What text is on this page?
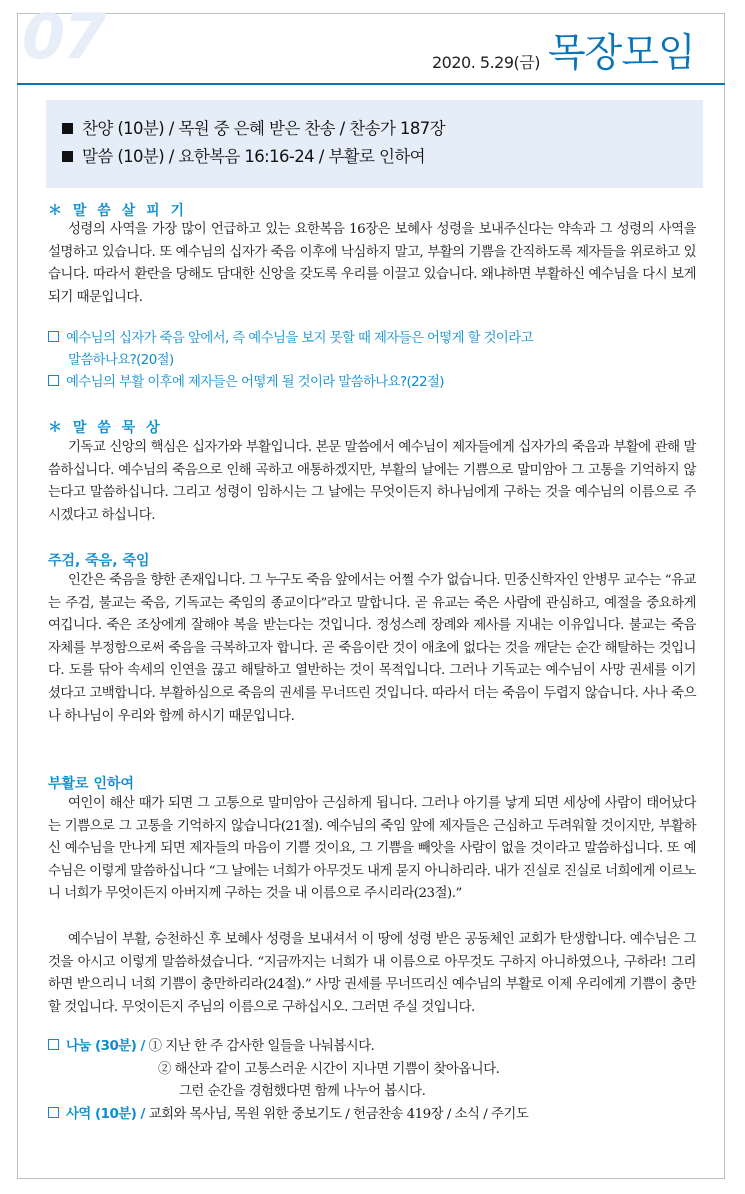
07	2020. 5.29(금) 목장모임
찬양 (10분) / 목원 중 은혜 받은 찬송 / 찬송가 187장
말씀 (10분) / 요한복음 16:16-24 / 부활로 인하여
＊ 말 씀 살 피 기
성령의 사역을 가장 많이 언급하고 있는 요한복음 16장은 보혜사 성령을 보내주신다는 약속과 그 성령의 사역을 설명하고 있습니다. 또 예수님의 십자가 죽음 이후에 낙심하지 말고, 부활의 기쁨을 간직하도록 제자들을 위로하고 있습니다. 따라서 환란을 당해도 담대한 신앙을 갖도록 우리를 이끌고 있습니다. 왜냐하면 부활하신 예수님을 다시 보게 되기 때문입니다.
예수님의 십자가 죽음 앞에서, 즉 예수님을 보지 못할 때 제자들은 어떻게 할 것이라고
말씀하나요?(20절)
예수님의 부활 이후에 제자들은 어떻게 될 것이라 말씀하나요?(22절)
＊ 말 씀 묵 상
기독교 신앙의 핵심은 십자가와 부활입니다. 본문 말씀에서 예수님이 제자들에게 십자가의 죽음과 부활에 관해 말씀하십니다. 예수님의 죽음으로 인해 곡하고 애통하겠지만, 부활의 날에는 기쁨으로 말미암아 그 고통을 기억하지 않는다고 말씀하십니다. 그리고 성령이 임하시는 그 날에는 무엇이든지 하나님에게 구하는 것을 예수님의 이름으로 주시겠다고 하십니다.
주검, 죽음, 죽임
인간은 죽음을 향한 존재입니다. 그 누구도 죽음 앞에서는 어쩔 수가 없습니다. 민중신학자인 안병무 교수는 “유교는 주검, 불교는 죽음, 기독교는 죽임의 종교이다”라고 말합니다. 곧 유교는 죽은 사람에 관심하고, 예절을 중요하게 여깁니다. 죽은 조상에게 잘해야 복을 받는다는 것입니다. 정성스레 장례와 제사를 지내는 이유입니다. 불교는 죽음 자체를 부정함으로써 죽음을 극복하고자 합니다. 곧 죽음이란 것이 애초에 없다는 것을 깨닫는 순간 해탈하는 것입니다. 도를 닦아 속세의 인연을 끊고 해탈하고 열반하는 것이 목적입니다. 그러나 기독교는 예수님이 사망 권세를 이기셨다고 고백합니다. 부활하심으로 죽음의 권세를 무너뜨린 것입니다. 따라서 더는 죽음이 두렵지 않습니다. 사나 죽으나 하나님이 우리와 함께 하시기 때문입니다.
부활로 인하여
여인이 해산 때가 되면 그 고통으로 말미암아 근심하게 됩니다. 그러나 아기를 낳게 되면 세상에 사람이 태어났다는 기쁨으로 그 고통을 기억하지 않습니다(21절). 예수님의 죽임 앞에 제자들은 근심하고 두려워할 것이지만, 부활하신 예수님을 만나게 되면 제자들의 마음이 기쁠 것이요, 그 기쁨을 빼앗을 사람이 없을 것이라고 말씀하십니다. 또 예수님은 이렇게 말씀하십니다 “그 날에는 너희가 아무것도 내게 묻지 아니하리라. 내가 진실로 진실로 너희에게 이르노니 너희가 무엇이든지 아버지께 구하는 것을 내 이름으로 주시리라(23절).”
예수님이 부활, 승천하신 후 보혜사 성령을 보내셔서 이 땅에 성령 받은 공동체인 교회가 탄생합니다. 예수님은 그것을 아시고 이렇게 말씀하셨습니다. “지금까지는 너희가 내 이름으로 아무것도 구하지 아니하였으나, 구하라! 그리하면 받으리니 너희 기쁨이 충만하리라(24절).” 사망 권세를 무너뜨리신 예수님의 부활로 이제 우리에게 기쁨이 충만할 것입니다. 무엇이든지 주님의 이름으로 구하십시오. 그러면 주실 것입니다.
나눔 (30분) / ① 지난 한 주 감사한 일들을 나눠봅시다.
② 해산과 같이 고통스러운 시간이 지나면 기쁨이 찾아옵니다.
그런 순간을 경험했다면 함께 나누어 봅시다.
사역 (10분) / 교회와 목사님, 목원 위한 중보기도 / 헌금찬송 419장 / 소식 / 주기도
